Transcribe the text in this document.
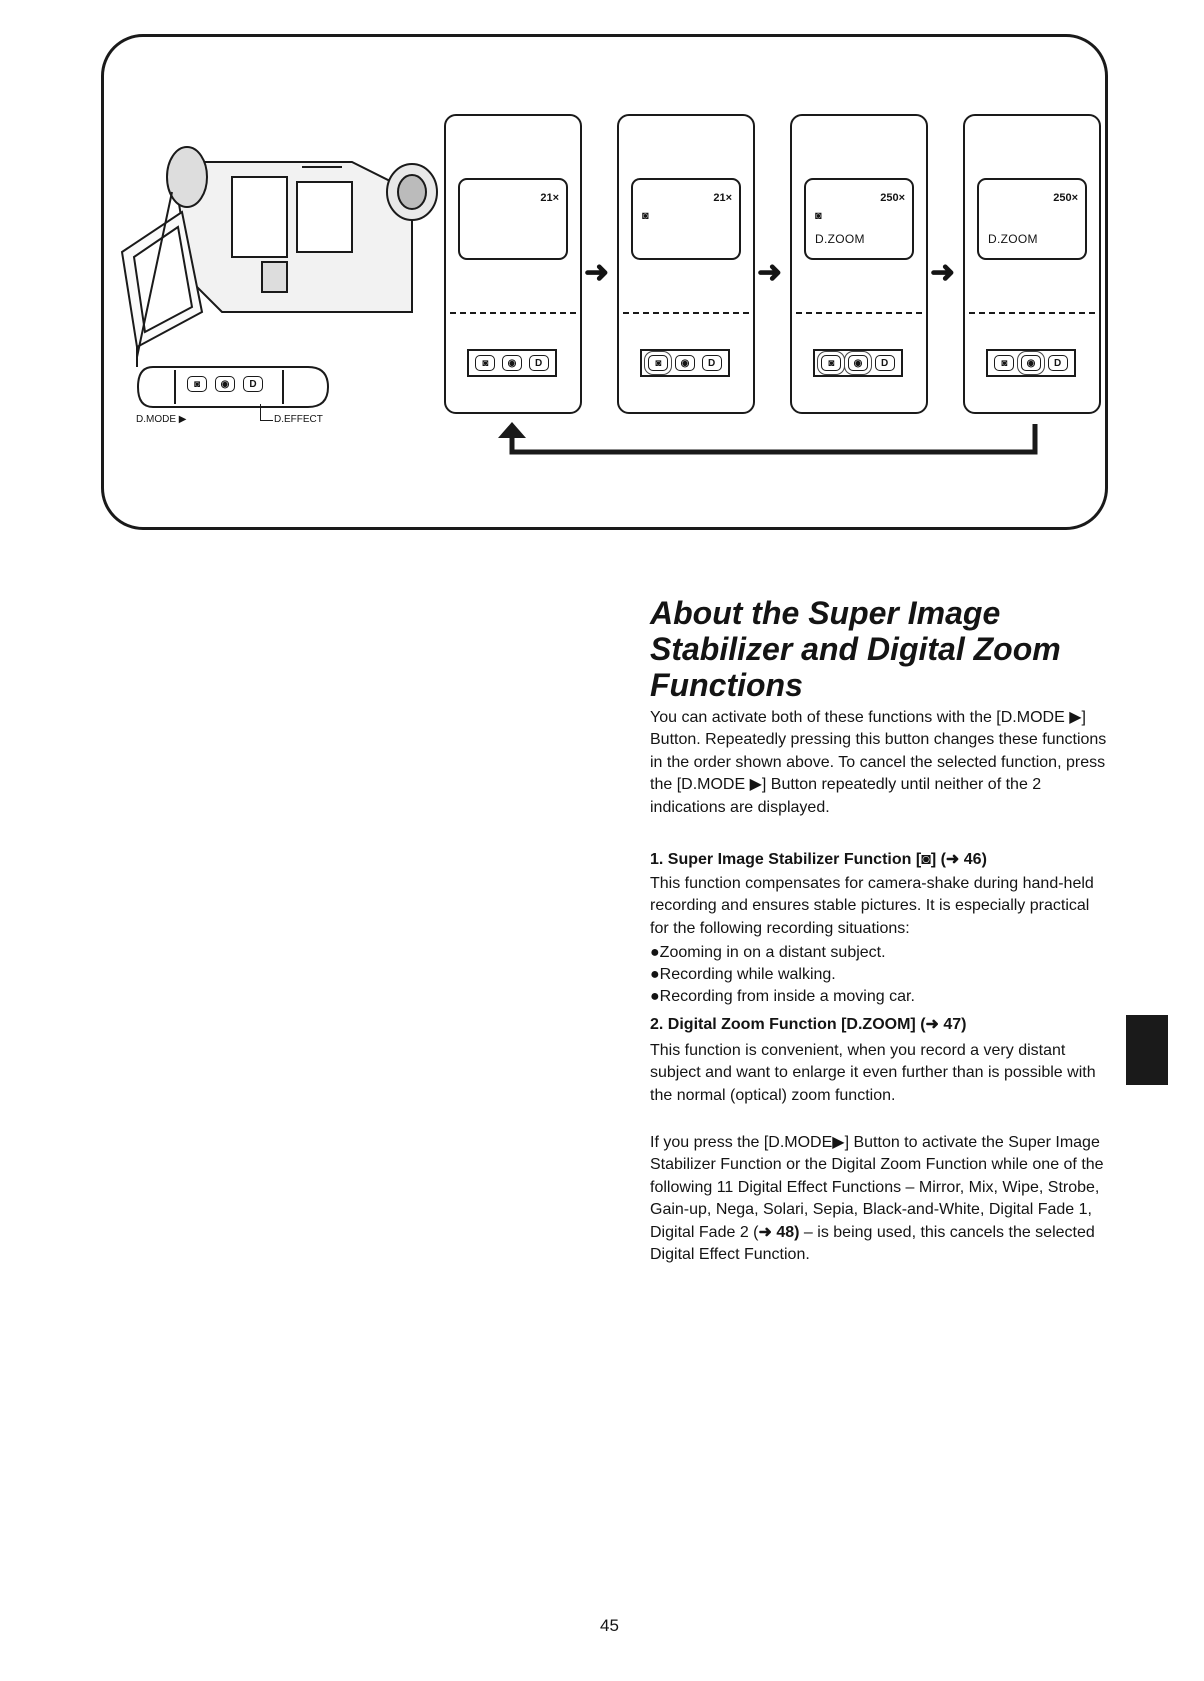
◙	◉	D
D.MODE ▶	D.EFFECT
21×
◙	◉	D
➜
21×
◙
◙	◉	D
➜
250×
◙
D.ZOOM
◙	◉	D
➜
250×
D.ZOOM
◙	◉	D
About the Super Image
Stabilizer and Digital Zoom
Functions
You can activate both of these functions with the [D.MODE ▶] Button. Repeatedly pressing this button changes these functions in the order shown above. To cancel the selected function, press the [D.MODE ▶] Button repeatedly until neither of the 2 indications are displayed.
1. Super Image Stabilizer Function [◙] (➜ 46)
This function compensates for camera-shake during hand-held recording and ensures stable pictures. It is especially practical for the following recording situations:
●Zooming in on a distant subject.
●Recording while walking.
●Recording from inside a moving car.
2. Digital Zoom Function [D.ZOOM] (➜ 47)
This function is convenient, when you record a very distant subject and want to enlarge it even further than is possible with the normal (optical) zoom function.
If you press the [D.MODE▶] Button to activate the Super Image Stabilizer Function or the Digital Zoom Function while one of the following 11 Digital Effect Functions – Mirror, Mix, Wipe, Strobe, Gain-up, Nega, Solari, Sepia, Black-and-White, Digital Fade 1, Digital Fade 2 (➜ 48) – is being used, this cancels the selected Digital Effect Function.
45
